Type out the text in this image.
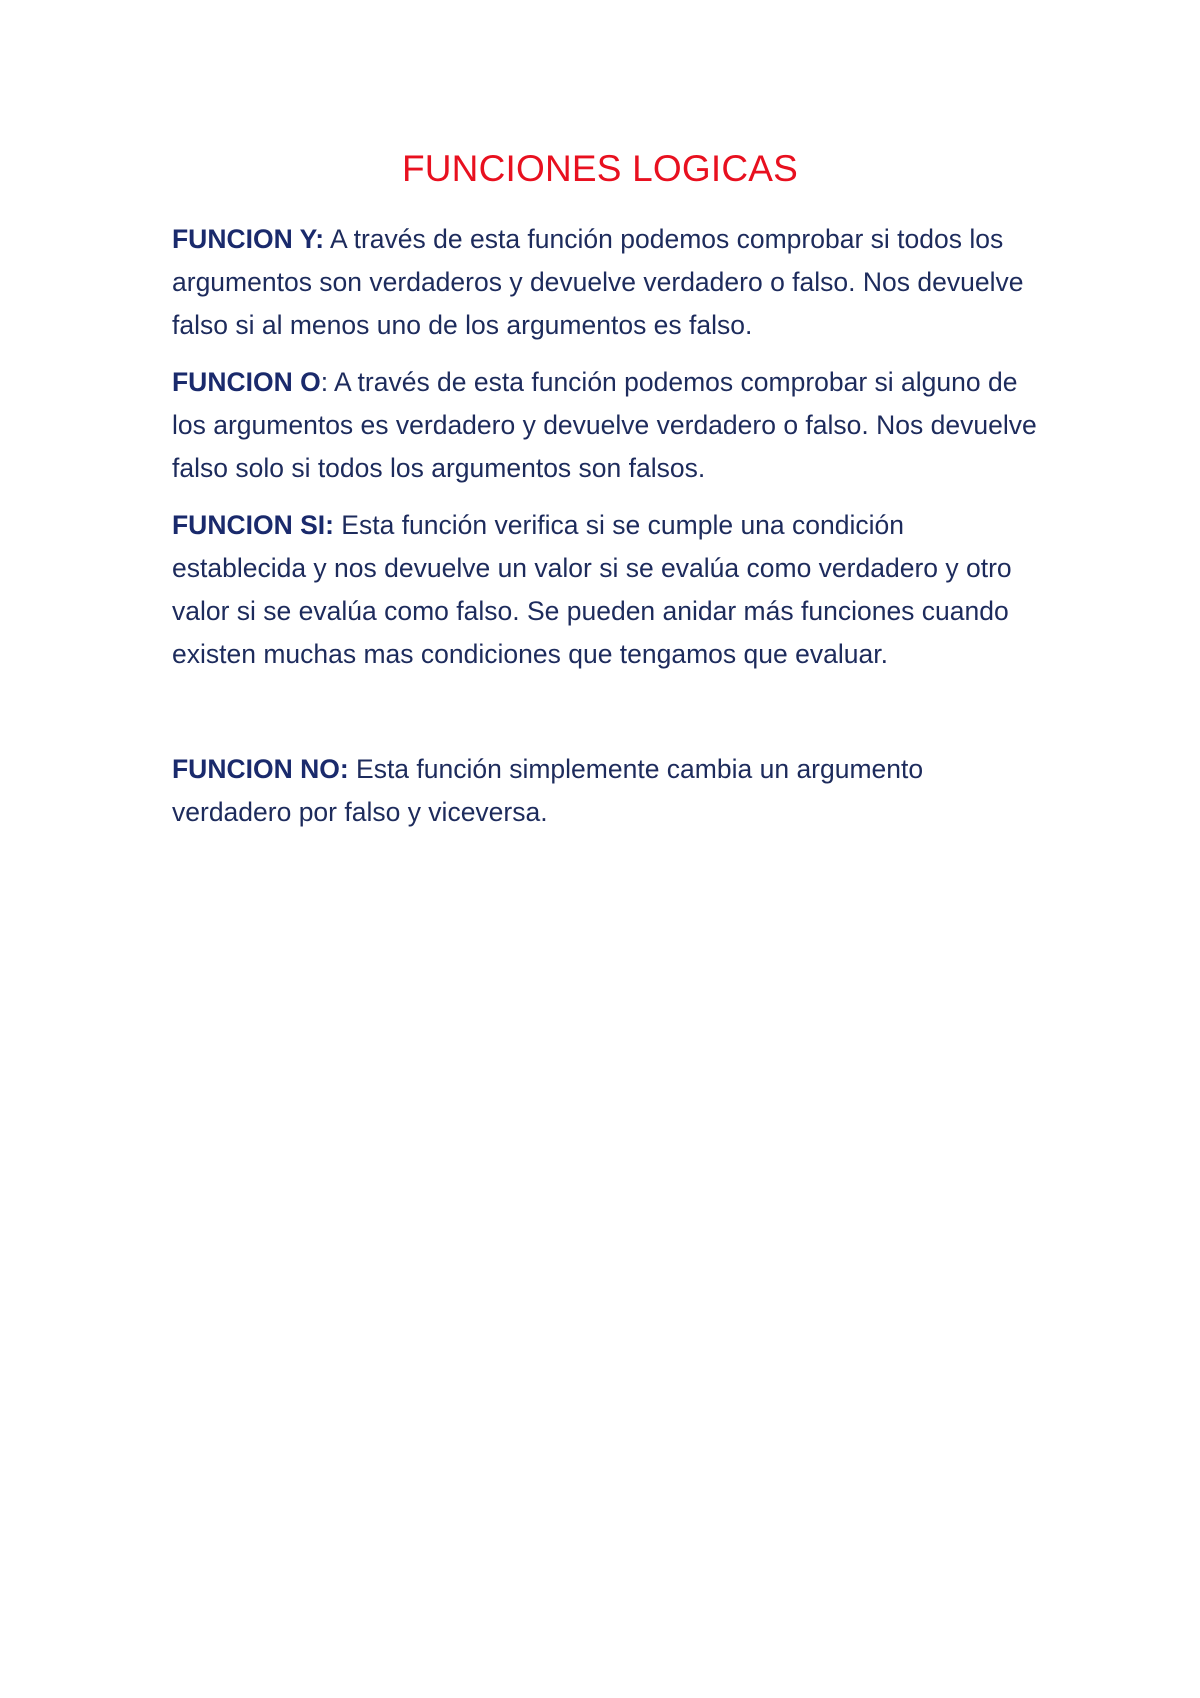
FUNCIONES LOGICAS

FUNCION Y: A través de esta función podemos comprobar si todos los argumentos son verdaderos y devuelve verdadero o falso. Nos devuelve falso si al menos uno de los argumentos es falso.

FUNCION O: A través de esta función podemos comprobar si alguno de los argumentos es verdadero y devuelve verdadero o falso. Nos devuelve falso solo si todos los argumentos son falsos.

FUNCION SI: Esta función verifica si se cumple una condición establecida y nos devuelve un valor si se evalúa como verdadero y otro valor si se evalúa como falso. Se pueden anidar más funciones cuando existen muchas mas condiciones que tengamos que evaluar.

FUNCION NO: Esta función simplemente cambia un argumento verdadero por falso y viceversa.
